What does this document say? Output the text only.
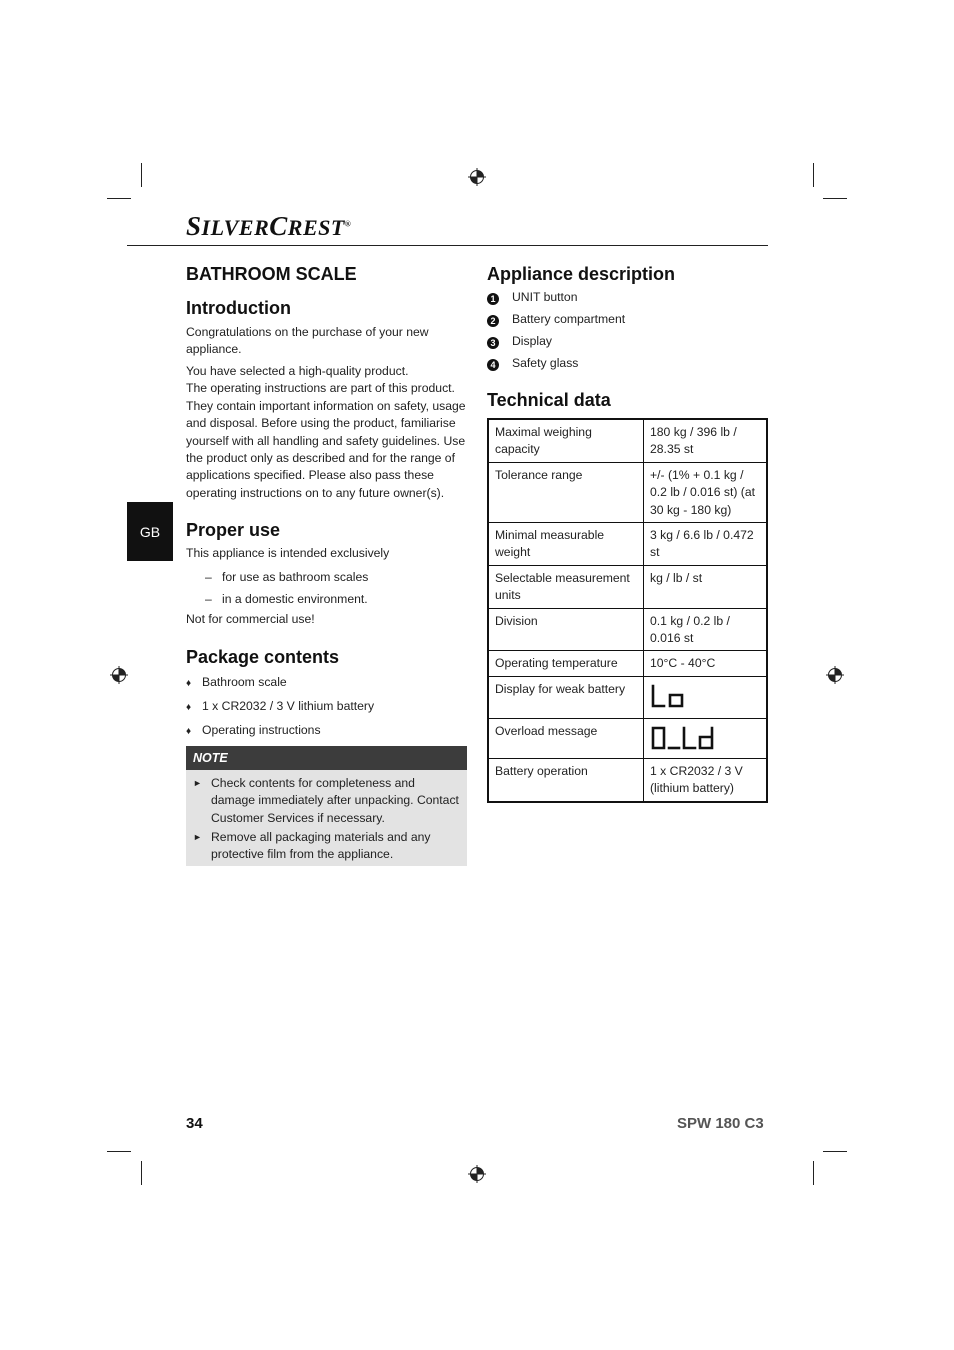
SILVERCREST®
GB
BATHROOM SCALE
Introduction

Congratulations on the purchase of your new appliance.

You have selected a high-quality product.

The operating instructions are part of this product. They contain important information on safety, usage and disposal. Before using the product, familiarise yourself with all handling and safety guidelines. Use the product only as described and for the range of applications specified. Please also pass these operating instructions on to any future owner(s).

Proper use
This appliance is intended exclusively
– for use as bathroom scales
– in a domestic environment.
Not for commercial use!
Package contents
♦ Bathroom scale
♦ 1 x CR2032 / 3 V lithium battery
♦ Operating instructions
NOTE
► Check contents for completeness and damage immediately after unpacking. Contact Customer Services if necessary.
► Remove all packaging materials and any protective film from the appliance.
Appliance description
1 UNIT button
2 Battery compartment
3 Display
4 Safety glass
Technical data
Maximal weighing capacity	180 kg / 396 lb / 28.35 st
Tolerance range	+/- (1% + 0.1 kg / 0.2 lb / 0.016 st) (at 30 kg - 180 kg)
Minimal measurable weight	3 kg / 6.6 lb / 0.472 st
Selectable measurement units	kg / lb / st
Division	0.1 kg / 0.2 lb / 0.016 st
Operating temperature	10°C - 40°C
Display for weak battery	

Overload message	

Battery operation	1 x CR2032 / 3 V (lithium battery)
34	SPW 180 C3
